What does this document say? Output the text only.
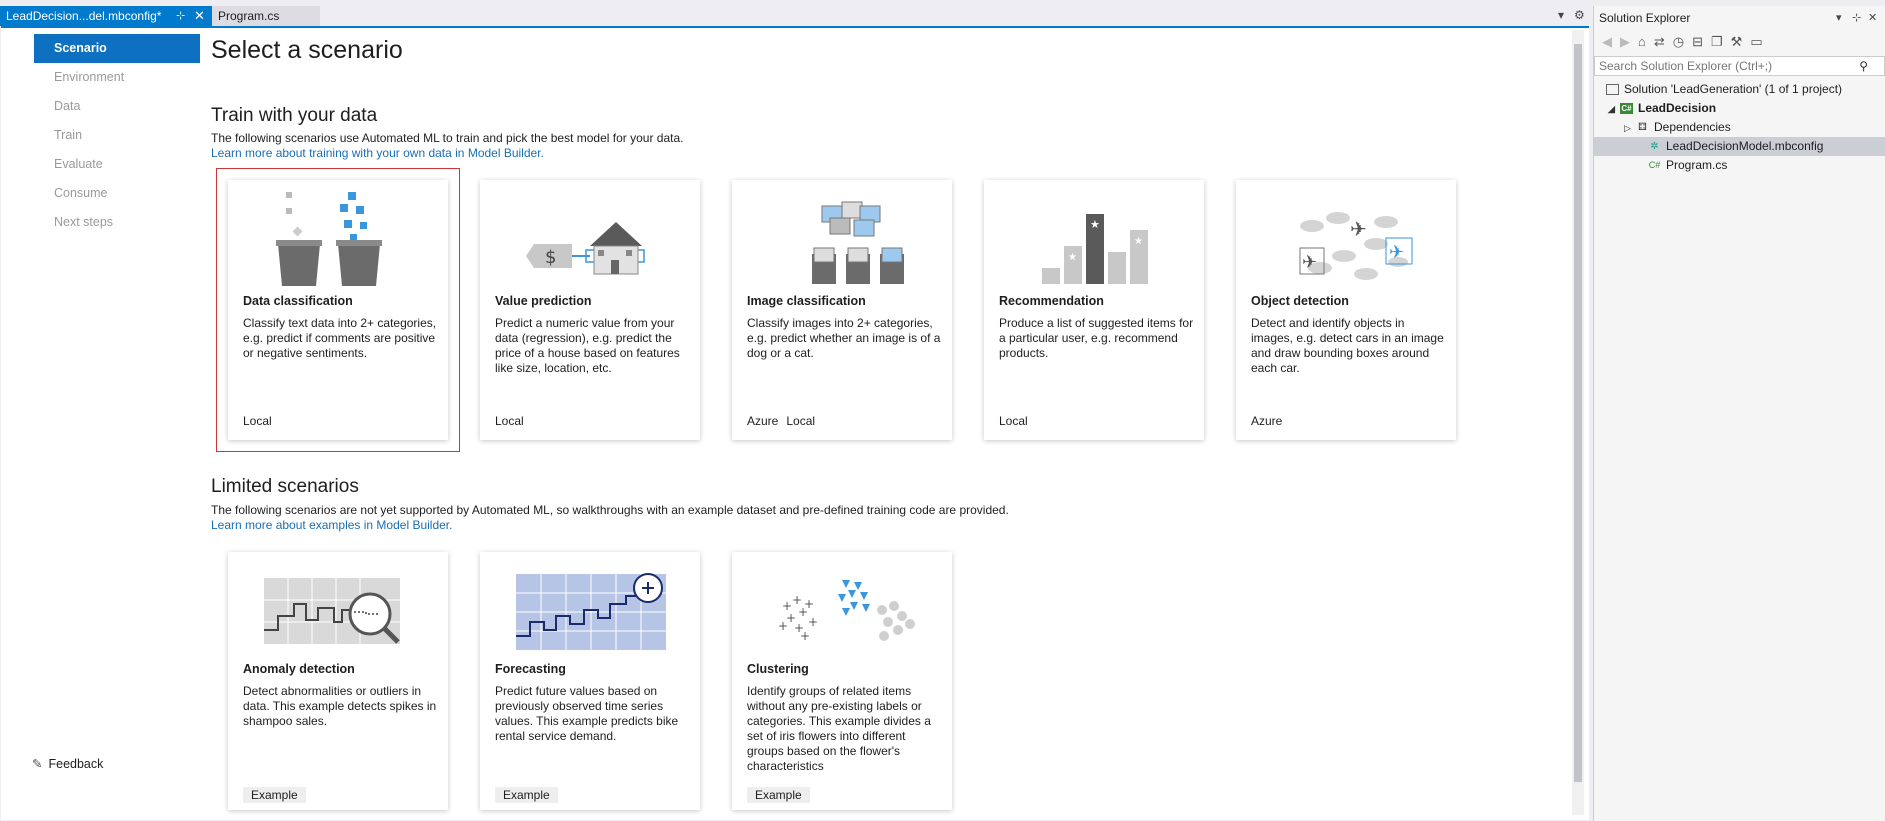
LeadDecision...del.mbconfig* ⊹ ✕	Program.cs	▾ ⚙
Scenario
Environment
Data
Train
Evaluate
Consume
Next steps
✎ Feedback
Select a scenario
Train with your data
The following scenarios use Automated ML to train and pick the best model for your data.
Learn more about training with your own data in Model Builder.
Data classification
Classify text data into 2+ categories, e.g. predict if comments are positive or negative sentiments.
Local
$
Value prediction
Predict a numeric value from your data (regression), e.g. predict the price of a house based on features like size, location, etc.
Local
Image classification
Classify images into 2+ categories, e.g. predict whether an image is of a dog or a cat.
Azure Local
★
★
★
Recommendation
Produce a list of suggested items for a particular user, e.g. recommend products.
Local
✈
✈	✈
Object detection
Detect and identify objects in images, e.g. detect cars in an image and draw bounding boxes around each car.
Azure
Limited scenarios
The following scenarios are not yet supported by Automated ML, so walkthroughs with an example dataset and pre-defined training code are provided.
Learn more about examples in Model Builder.
Anomaly detection
Detect abnormalities or outliers in data. This example detects spikes in shampoo sales.
Example
Forecasting
Predict future values based on previously observed time series values. This example predicts bike rental service demand.
Example
+ +
+
+
+
+ + +
+
Clustering
Identify groups of related items without any pre-existing labels or categories. This example divides a set of iris flowers into different groups based on the flower's characteristics
Example
Solution Explorer	▾ ⊹ ✕
◀▶⌂⇄◷⊟❐⚒▭
Search Solution Explorer (Ctrl+;)	⚲
Solution 'LeadGeneration' (1 of 1 project)
◢ C# LeadDecision
▷ ⚃ Dependencies
✲ LeadDecisionModel.mbconfig
C# Program.cs
